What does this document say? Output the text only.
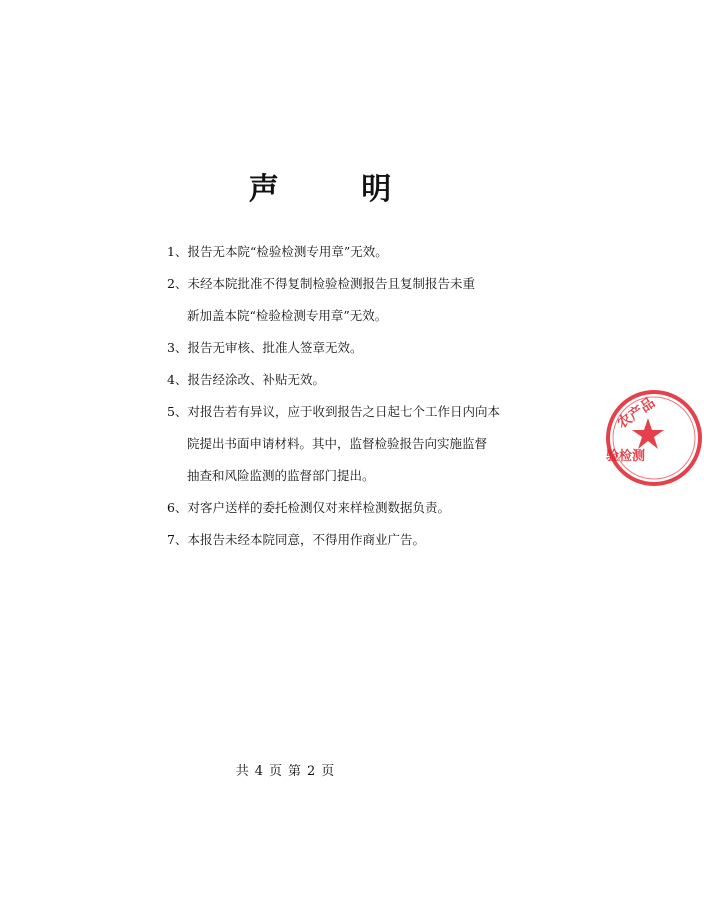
声 明
1、报告无本院“检验检测专用章”无效。
2、未经本院批准不得复制检验检测报告且复制报告未重
新加盖本院“检验检测专用章”无效。
3、报告无审核、批准人签章无效。
4、报告经涂改、补贴无效。
5、对报告若有异议，应于收到报告之日起七个工作日内向本
院提出书面申请材料。其中，监督检验报告向实施监督
抽查和风险监测的监督部门提出。
6、对客户送样的委托检测仅对来样检测数据负责。
7、本报告未经本院同意，不得用作商业广告。
共 4 页 第 2 页
农产品
验检测
